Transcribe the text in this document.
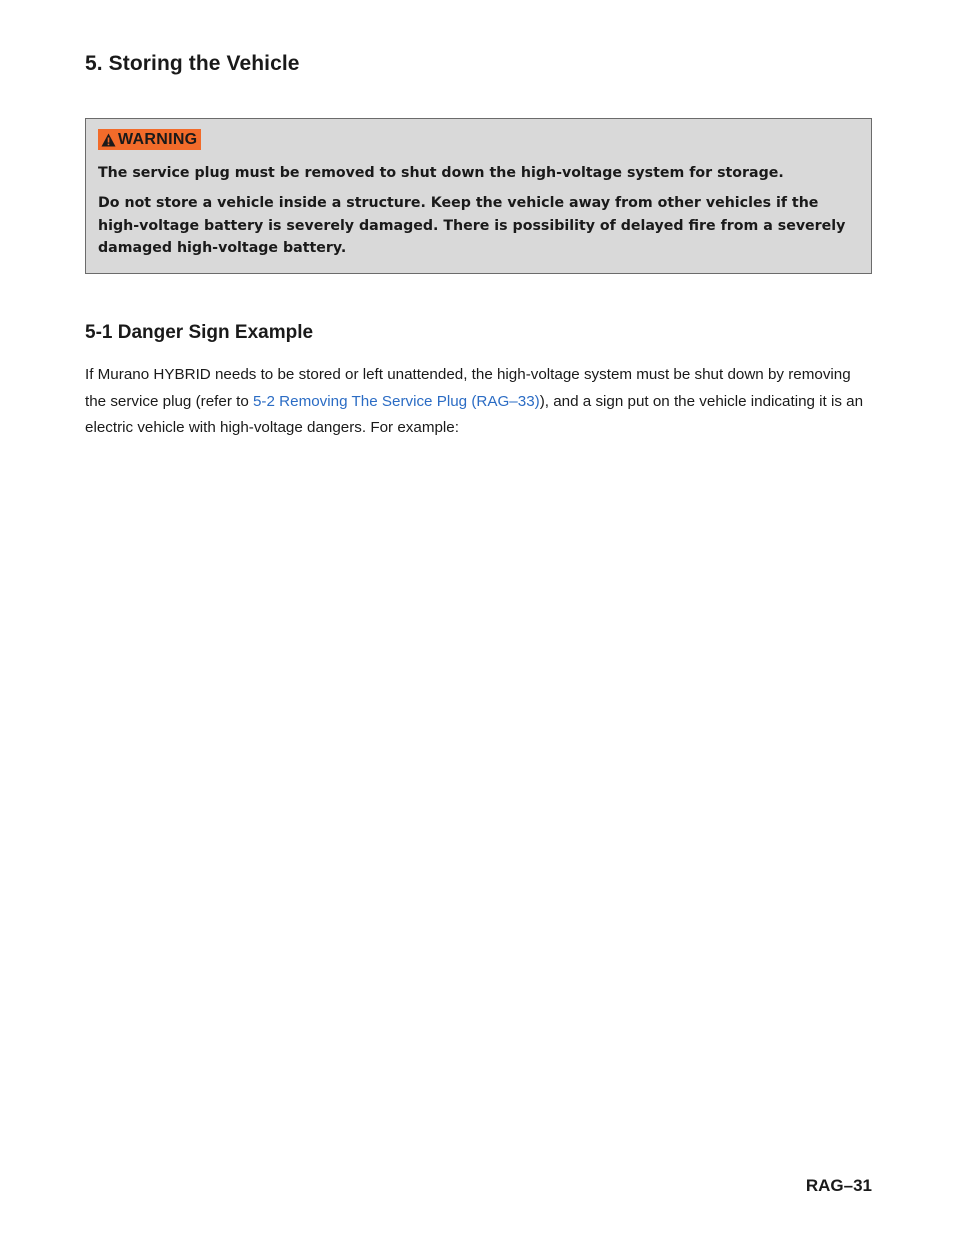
5. Storing the Vehicle
WARNING

The service plug must be removed to shut down the high-voltage system for storage.

Do not store a vehicle inside a structure. Keep the vehicle away from other vehicles if the high-voltage battery is severely damaged. There is possibility of delayed fire from a severely damaged high-voltage battery.

5-1 Danger Sign Example

If Murano HYBRID needs to be stored or left unattended, the high-voltage system must be shut down by removing the service plug (refer to 5-2 Removing The Service Plug (RAG–33)), and a sign put on the vehicle indicating it is an electric vehicle with high-voltage dangers. For example:

RAG–31
